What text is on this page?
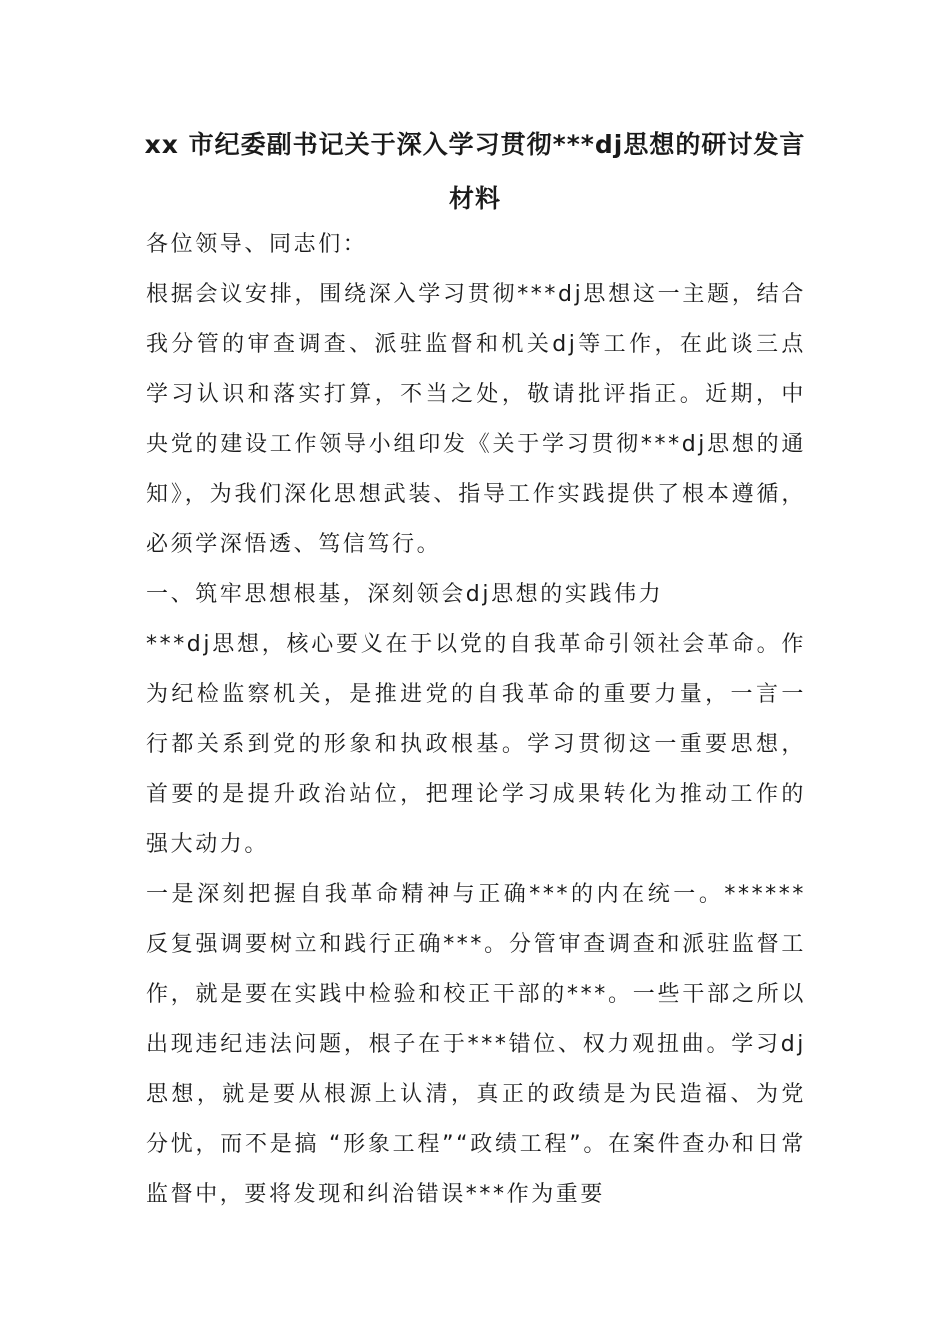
xx 市纪委副书记关于深入学习贯彻***dj思想的研讨发言材料

各位领导、同志们：

根据会议安排，围绕深入学习贯彻***dj思想这一主题，结合我分管的审查调查、派驻监督和机关dj等工作，在此谈三点学习认识和落实打算，不当之处，敬请批评指正。近期，中央党的建设工作领导小组印发《关于学习贯彻***dj思想的通知》，为我们深化思想武装、指导工作实践提供了根本遵循，必须学深悟透、笃信笃行。

一、筑牢思想根基，深刻领会dj思想的实践伟力

***dj思想，核心要义在于以党的自我革命引领社会革命。作为纪检监察机关，是推进党的自我革命的重要力量，一言一行都关系到党的形象和执政根基。学习贯彻这一重要思想，首要的是提升政治站位，把理论学习成果转化为推动工作的强大动力。

一是深刻把握自我革命精神与正确***的内在统一。******反复强调要树立和践行正确***。分管审查调查和派驻监督工作，就是要在实践中检验和校正干部的***。一些干部之所以出现违纪违法问题，根子在于***错位、权力观扭曲。学习dj思想，就是要从根源上认清，真正的政绩是为民造福、为党分忧，而不是搞 “形象工程”“政绩工程”。在案件查办和日常监督中，要将发现和纠治错误***作为重要
